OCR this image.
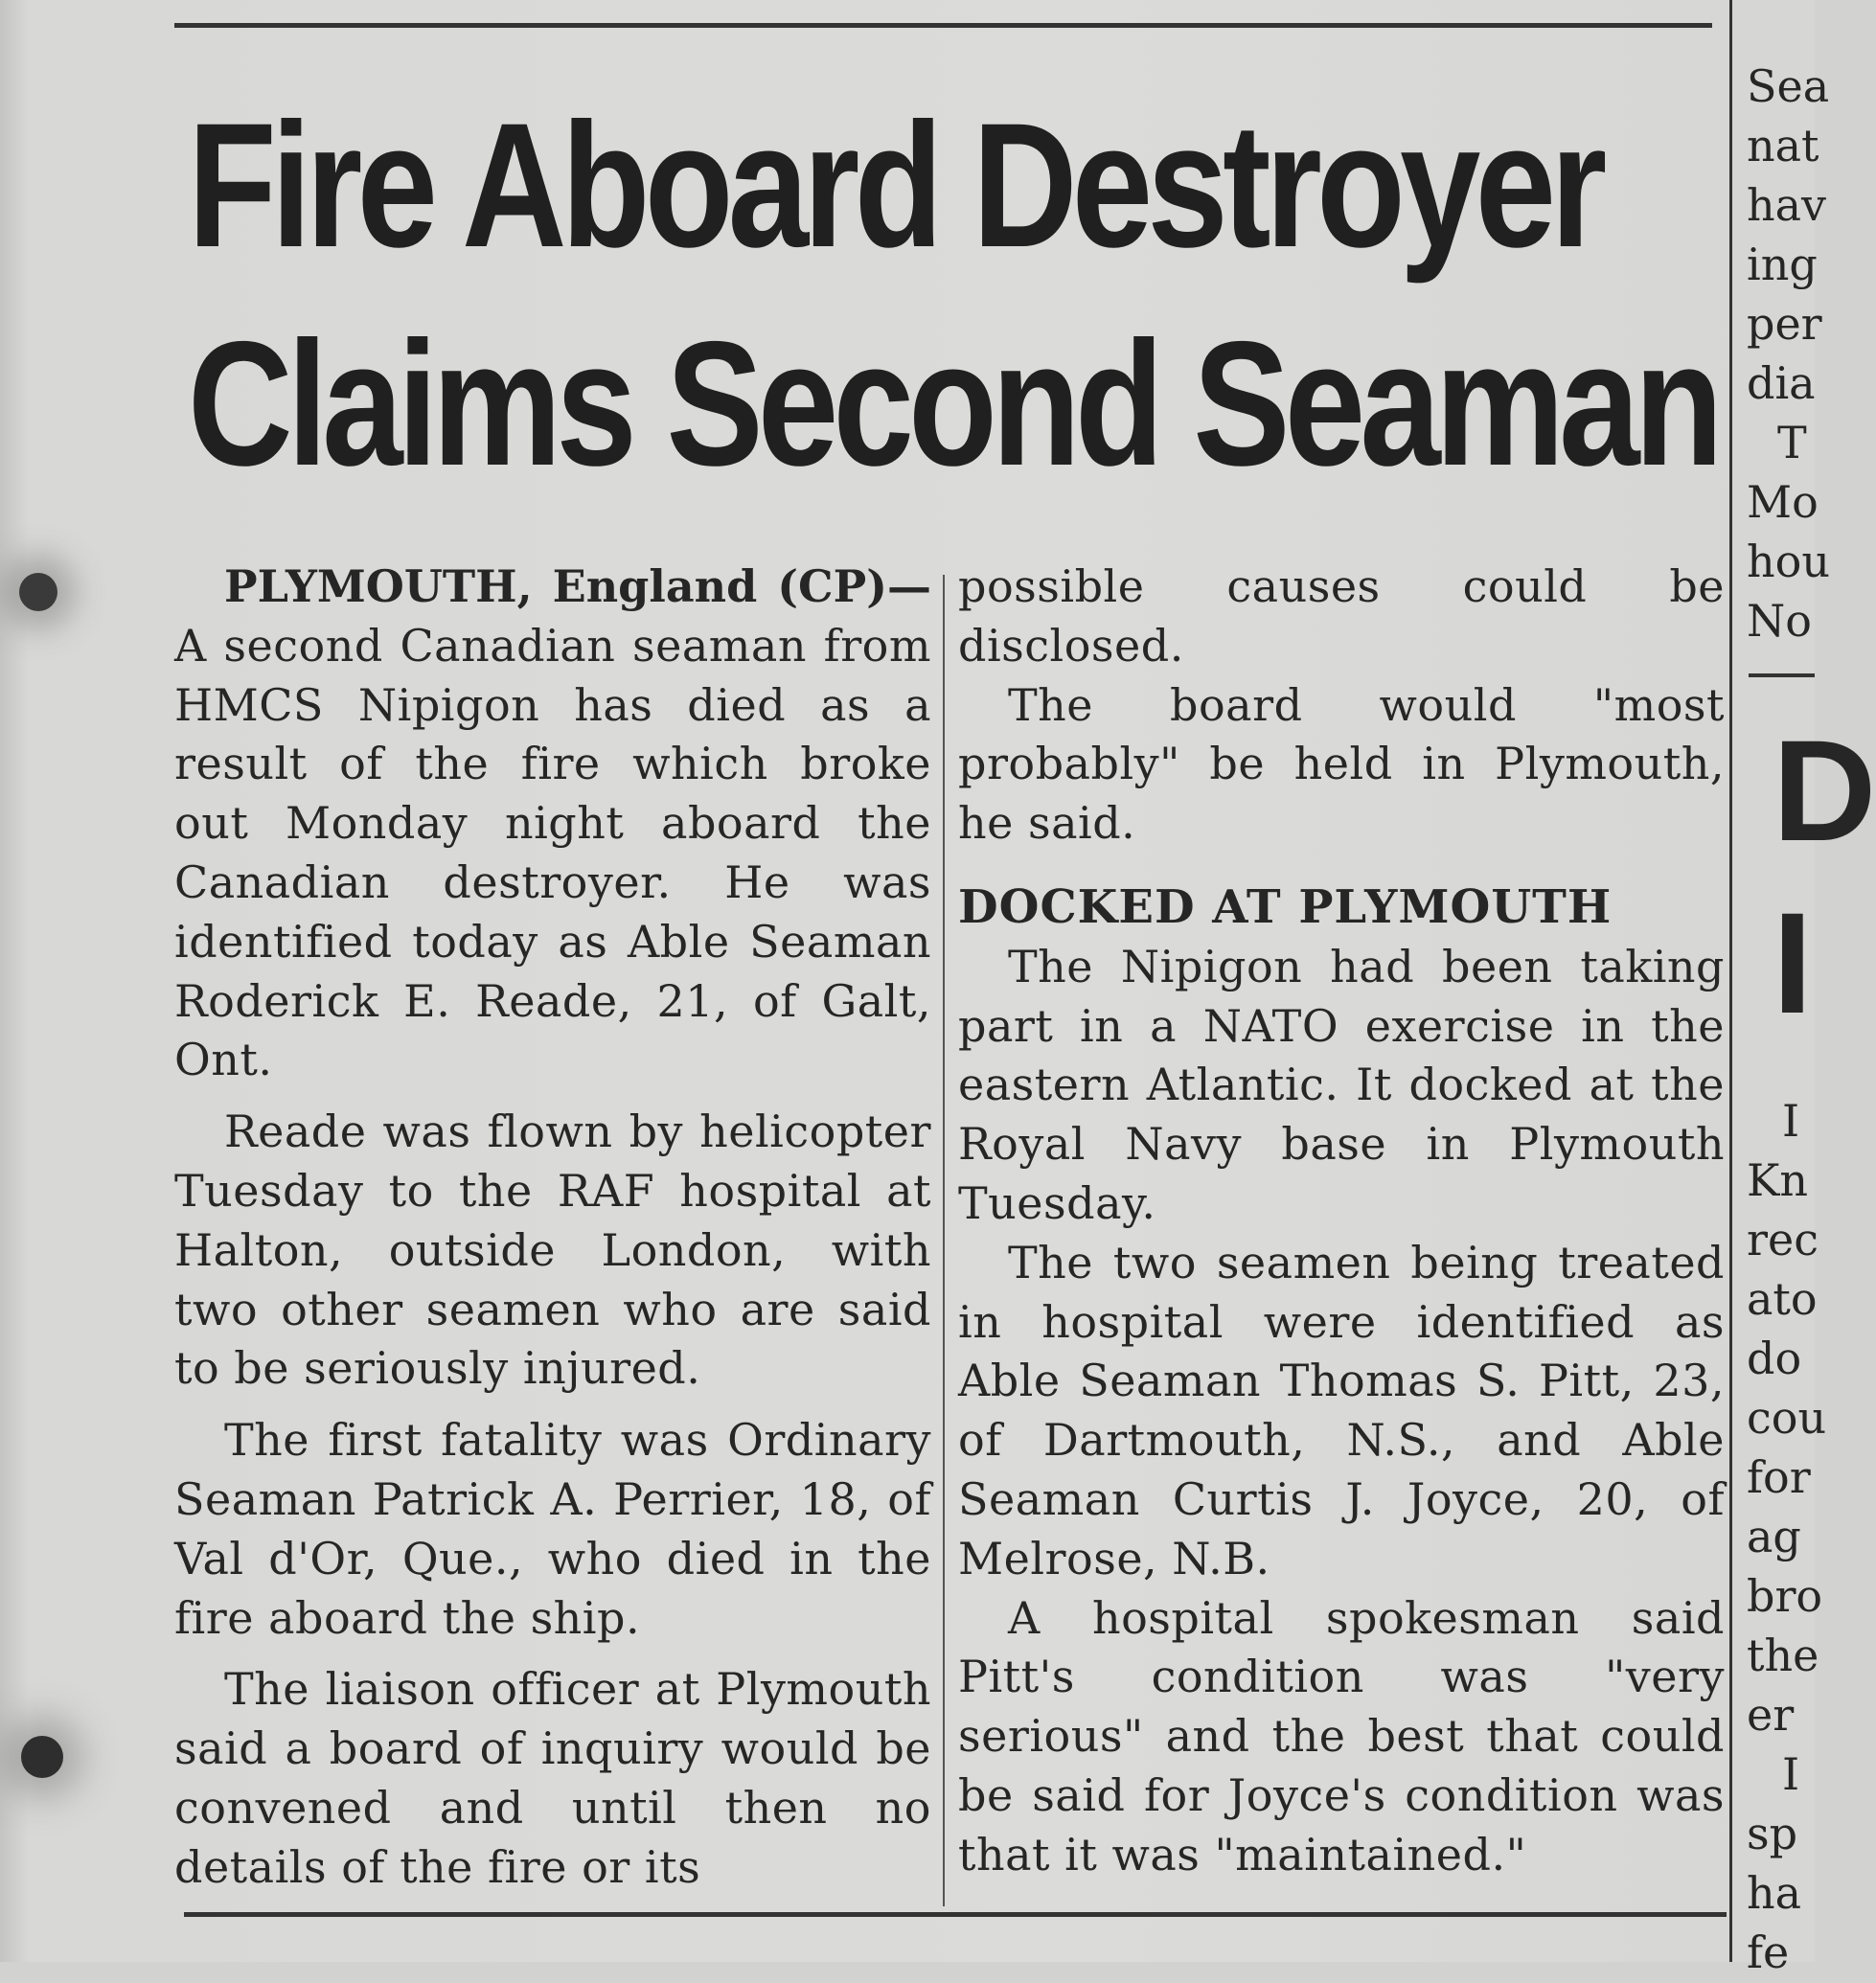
Fire Aboard Destroyer
Claims Second Seaman

PLYMOUTH, England (CP)— A second Canadian seaman from HMCS Nipigon has died as a result of the fire which broke out Monday night aboard the Canadian destroyer. He was identified today as Able Seaman Roderick E. Reade, 21, of Galt, Ont.

Reade was flown by helicopter Tuesday to the RAF hospital at Halton, outside London, with two other seamen who are said to be seriously injured.

The first fatality was Ordinary Seaman Patrick A. Perrier, 18, of Val d'Or, Que., who died in the fire aboard the ship.

The liaison officer at Plymouth said a board of inquiry would be convened and until then no details of the fire or its

possible causes could be disclosed.

The board would "most probably" be held in Plymouth, he said.

DOCKED AT PLYMOUTH

The Nipigon had been taking part in a NATO exercise in the eastern Atlantic. It docked at the Royal Navy base in Plymouth Tuesday.

The two seamen being treated in hospital were identified as Able Seaman Thomas S. Pitt, 23, of Dartmouth, N.S., and Able Seaman Curtis J. Joyce, 20, of Melrose, N.B.

A hospital spokesman said Pitt's condition was "very serious" and the best that could be said for Joyce's condition was that it was "maintained."

Sea
nat
hav
ing
per
dia
T
Mo
hou
No
D
I
I
Kn
rec
ato
do
cou
for
ag
bro
the
er
I
sp
ha
fe
